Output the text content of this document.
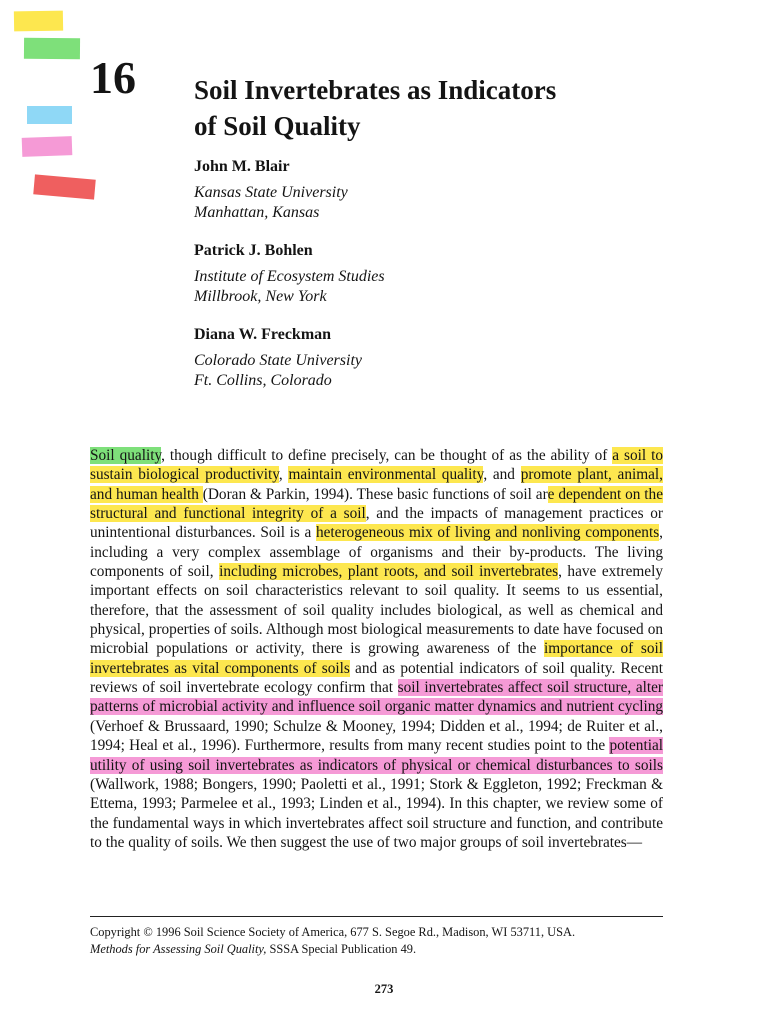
16 Soil Invertebrates as Indicators
of Soil Quality

John M. Blair

Kansas State University
Manhattan, Kansas

Patrick J. Bohlen

Institute of Ecosystem Studies
Millbrook, New York

Diana W. Freckman

Colorado State University
Ft. Collins, Colorado

Soil quality, though difficult to define precisely, can be thought of as the ability of a soil to sustain biological productivity, maintain environmental quality, and promote plant, animal, and human health (Doran & Parkin, 1994). These basic functions of soil are dependent on the structural and functional integrity of a soil, and the impacts of management practices or unintentional disturbances. Soil is a heterogeneous mix of living and nonliving components, including a very complex assemblage of organisms and their by-products. The living components of soil, including microbes, plant roots, and soil invertebrates, have extremely important effects on soil characteristics relevant to soil quality. It seems to us essential, therefore, that the assessment of soil quality includes biological, as well as chemical and physical, properties of soils. Although most biological measurements to date have focused on microbial populations or activity, there is growing awareness of the importance of soil invertebrates as vital components of soils and as potential indicators of soil quality. Recent reviews of soil invertebrate ecology confirm that soil invertebrates affect soil structure, alter patterns of microbial activity and influence soil organic matter dynamics and nutrient cycling (Verhoef & Brussaard, 1990; Schulze & Mooney, 1994; Didden et al., 1994; de Ruiter et al., 1994; Heal et al., 1996). Furthermore, results from many recent studies point to the potential utility of using soil invertebrates as indicators of physical or chemical disturbances to soils (Wallwork, 1988; Bongers, 1990; Paoletti et al., 1991; Stork & Eggleton, 1992; Freckman & Ettema, 1993; Parmelee et al., 1993; Linden et al., 1994). In this chapter, we review some of the fundamental ways in which invertebrates affect soil structure and function, and contribute to the quality of soils. We then suggest the use of two major groups of soil invertebrates—

Copyright © 1996 Soil Science Society of America, 677 S. Segoe Rd., Madison, WI 53711, USA.
Methods for Assessing Soil Quality, SSSA Special Publication 49.

273
